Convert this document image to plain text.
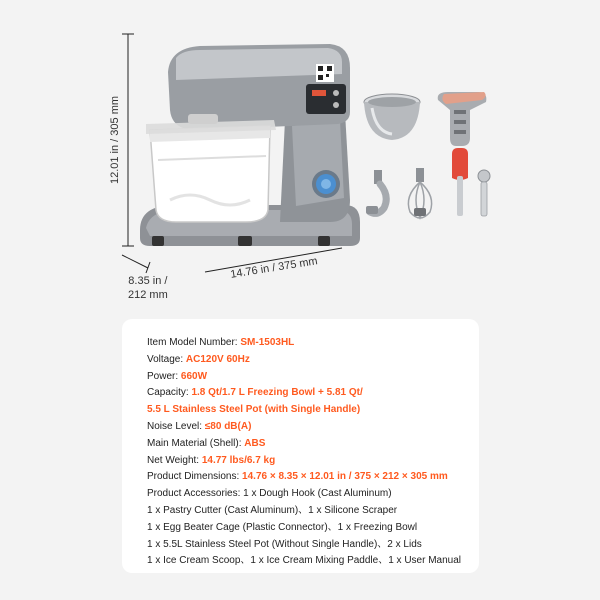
12.01 in / 305 mm
8.35 in /
212 mm
14.76 in / 375 mm
Item Model Number: SM-1503HL
Voltage: AC120V 60Hz
Power: 660W
Capacity: 1.8 Qt/1.7 L Freezing Bowl + 5.81 Qt/
5.5 L Stainless Steel Pot (with Single Handle)
Noise Level: ≤80 dB(A)
Main Material (Shell): ABS
Net Weight: 14.77 lbs/6.7 kg
Product Dimensions: 14.76 × 8.35 × 12.01 in / 375 × 212 × 305 mm
Product Accessories: 1 x Dough Hook (Cast Aluminum)
1 x Pastry Cutter (Cast Aluminum)、1 x Silicone Scraper
1 x Egg Beater Cage (Plastic Connector)、1 x Freezing Bowl
1 x 5.5L Stainless Steel Pot (Without Single Handle)、2 x Lids
1 x Ice Cream Scoop、1 x Ice Cream Mixing Paddle、1 x User Manual
